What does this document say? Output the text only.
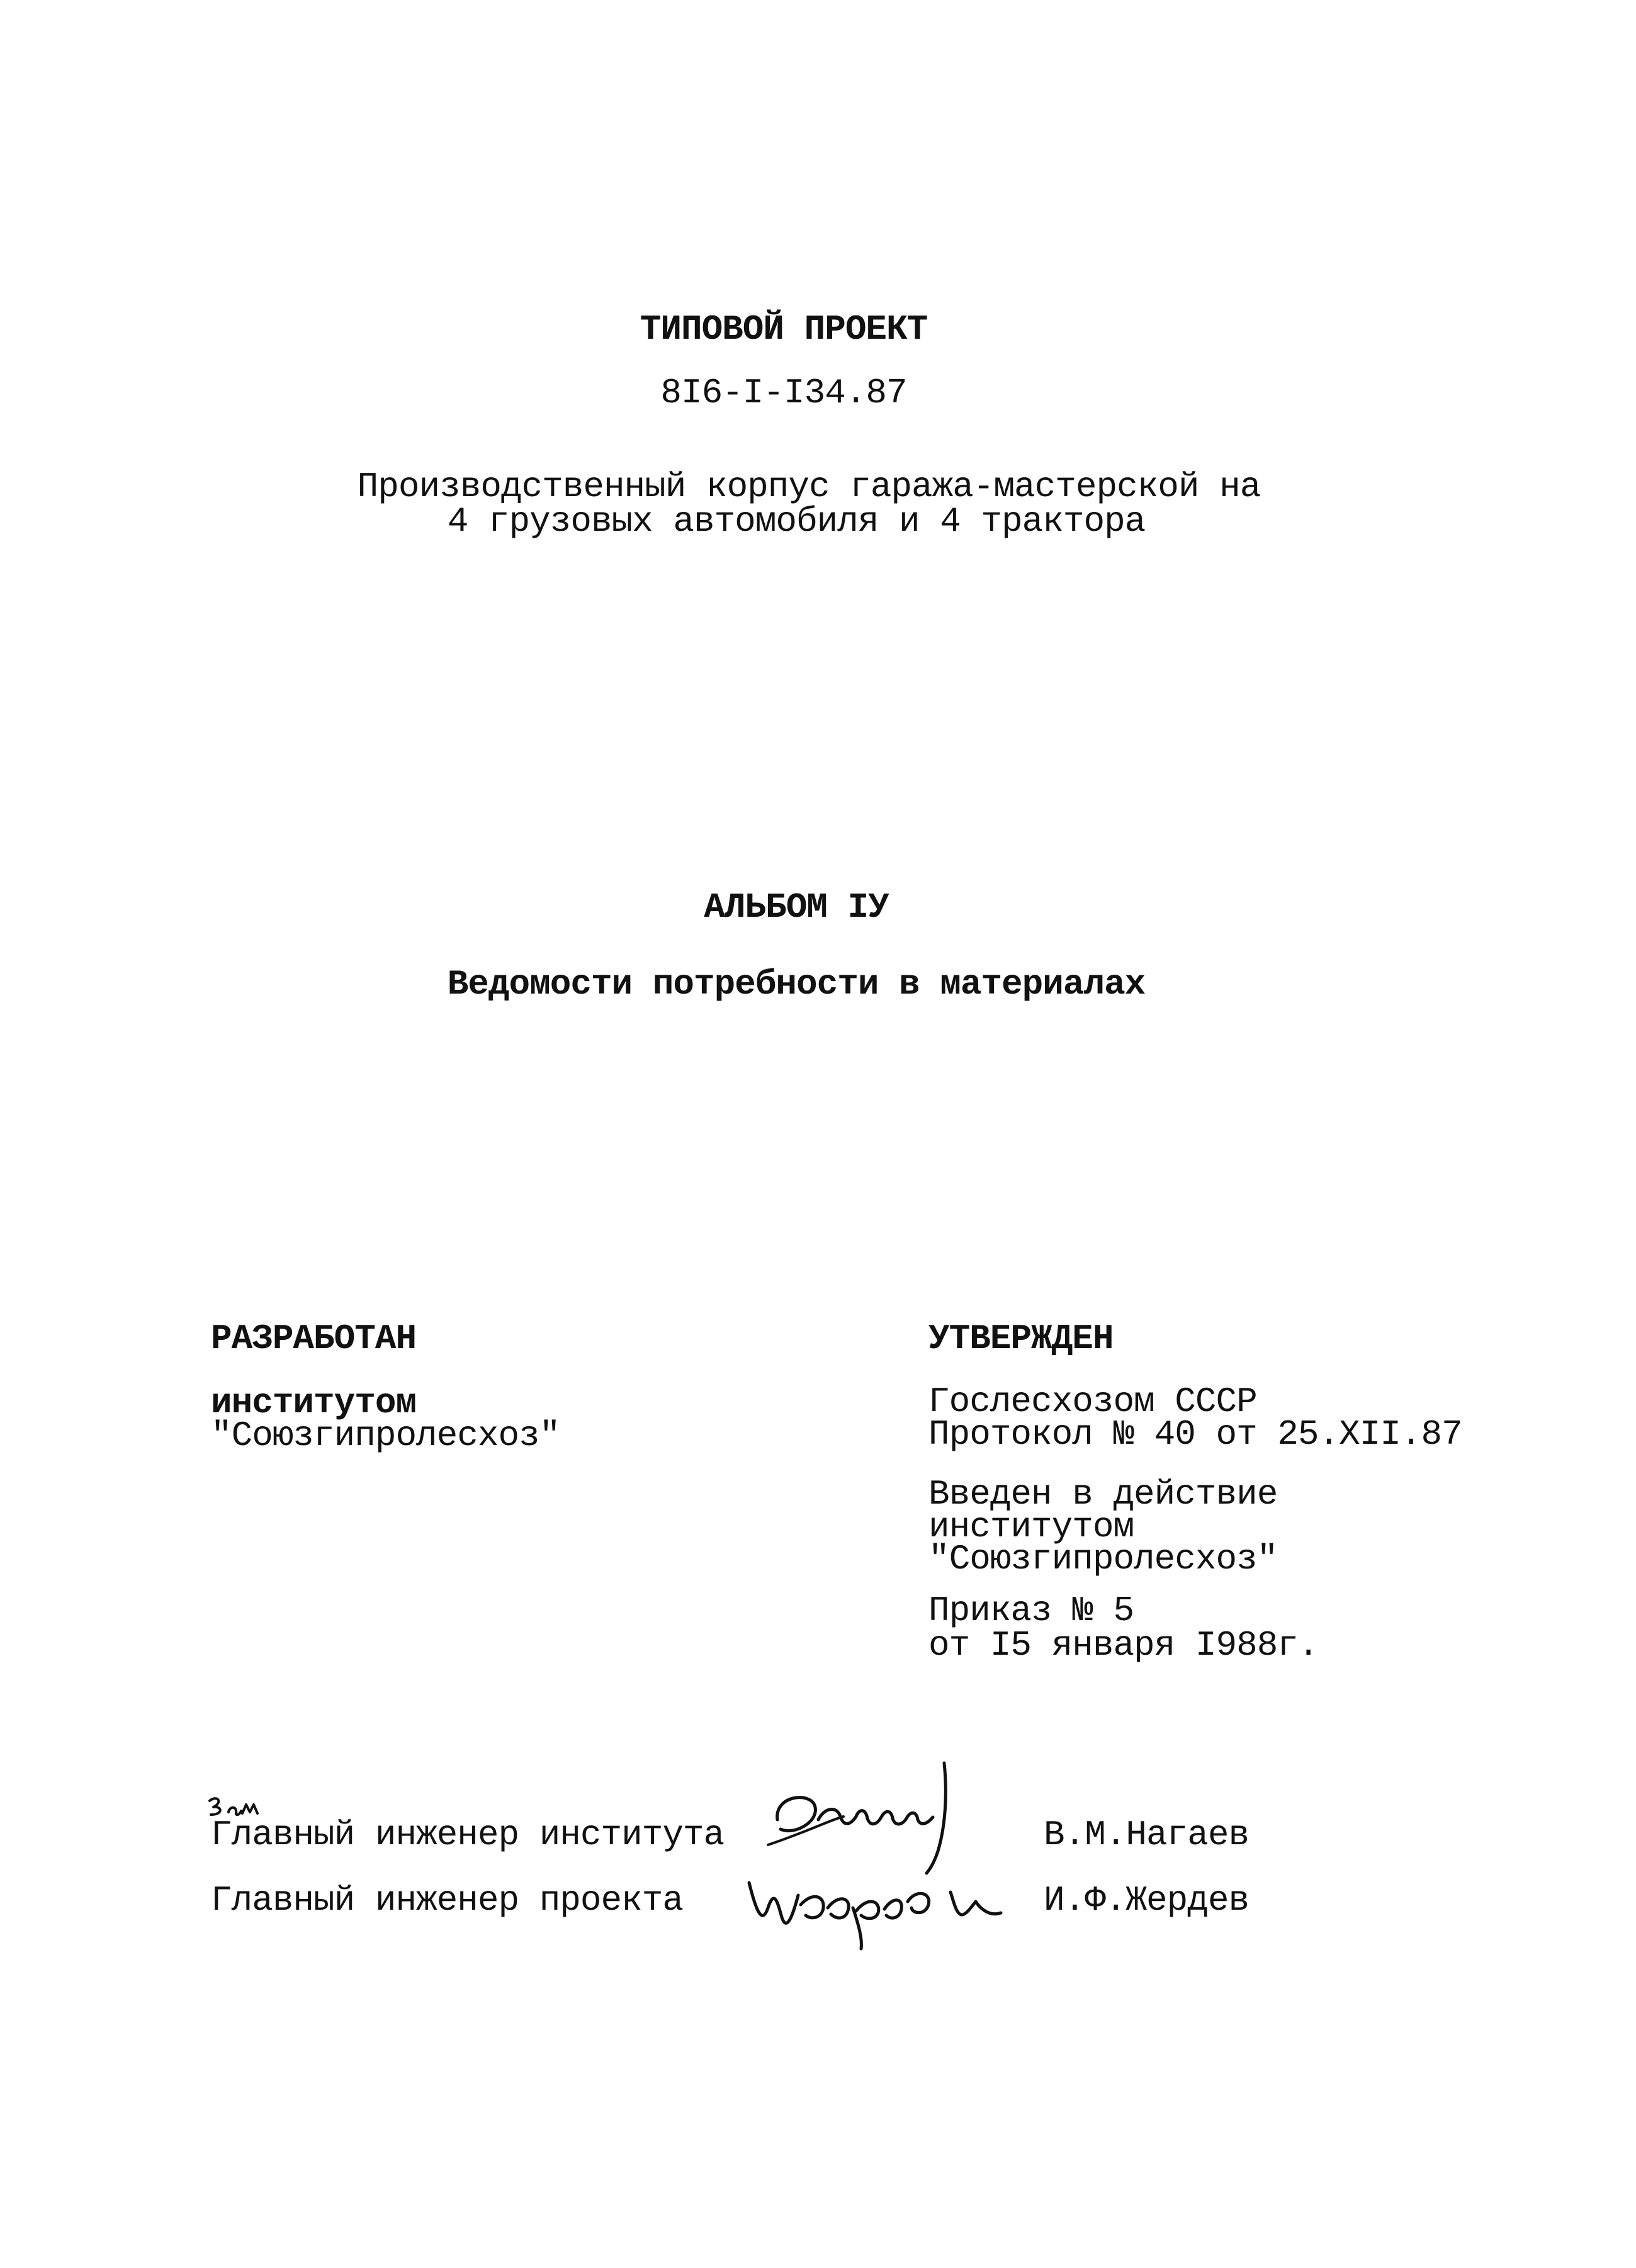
ТИПОВОЙ ПРОЕКТ
8I6-I-I34.87
Производственный корпус гаража-мастерской на
4 грузовых автомобиля и 4 трактора
АЛЬБОМ IУ
Ведомости потребности в материалах
РАЗРАБОТАН
институтом
"Союзгипролесхоз"
УТВЕРЖДЕН
Гослесхозом СССР
Протокол № 40 от 25.XII.87
Введен в действие
институтом
"Союзгипролесхоз"
Приказ № 5
от I5 января I988г.
Главный инженер института	В.М.Нагаев
Главный инженер проекта	И.Ф.Жердев
